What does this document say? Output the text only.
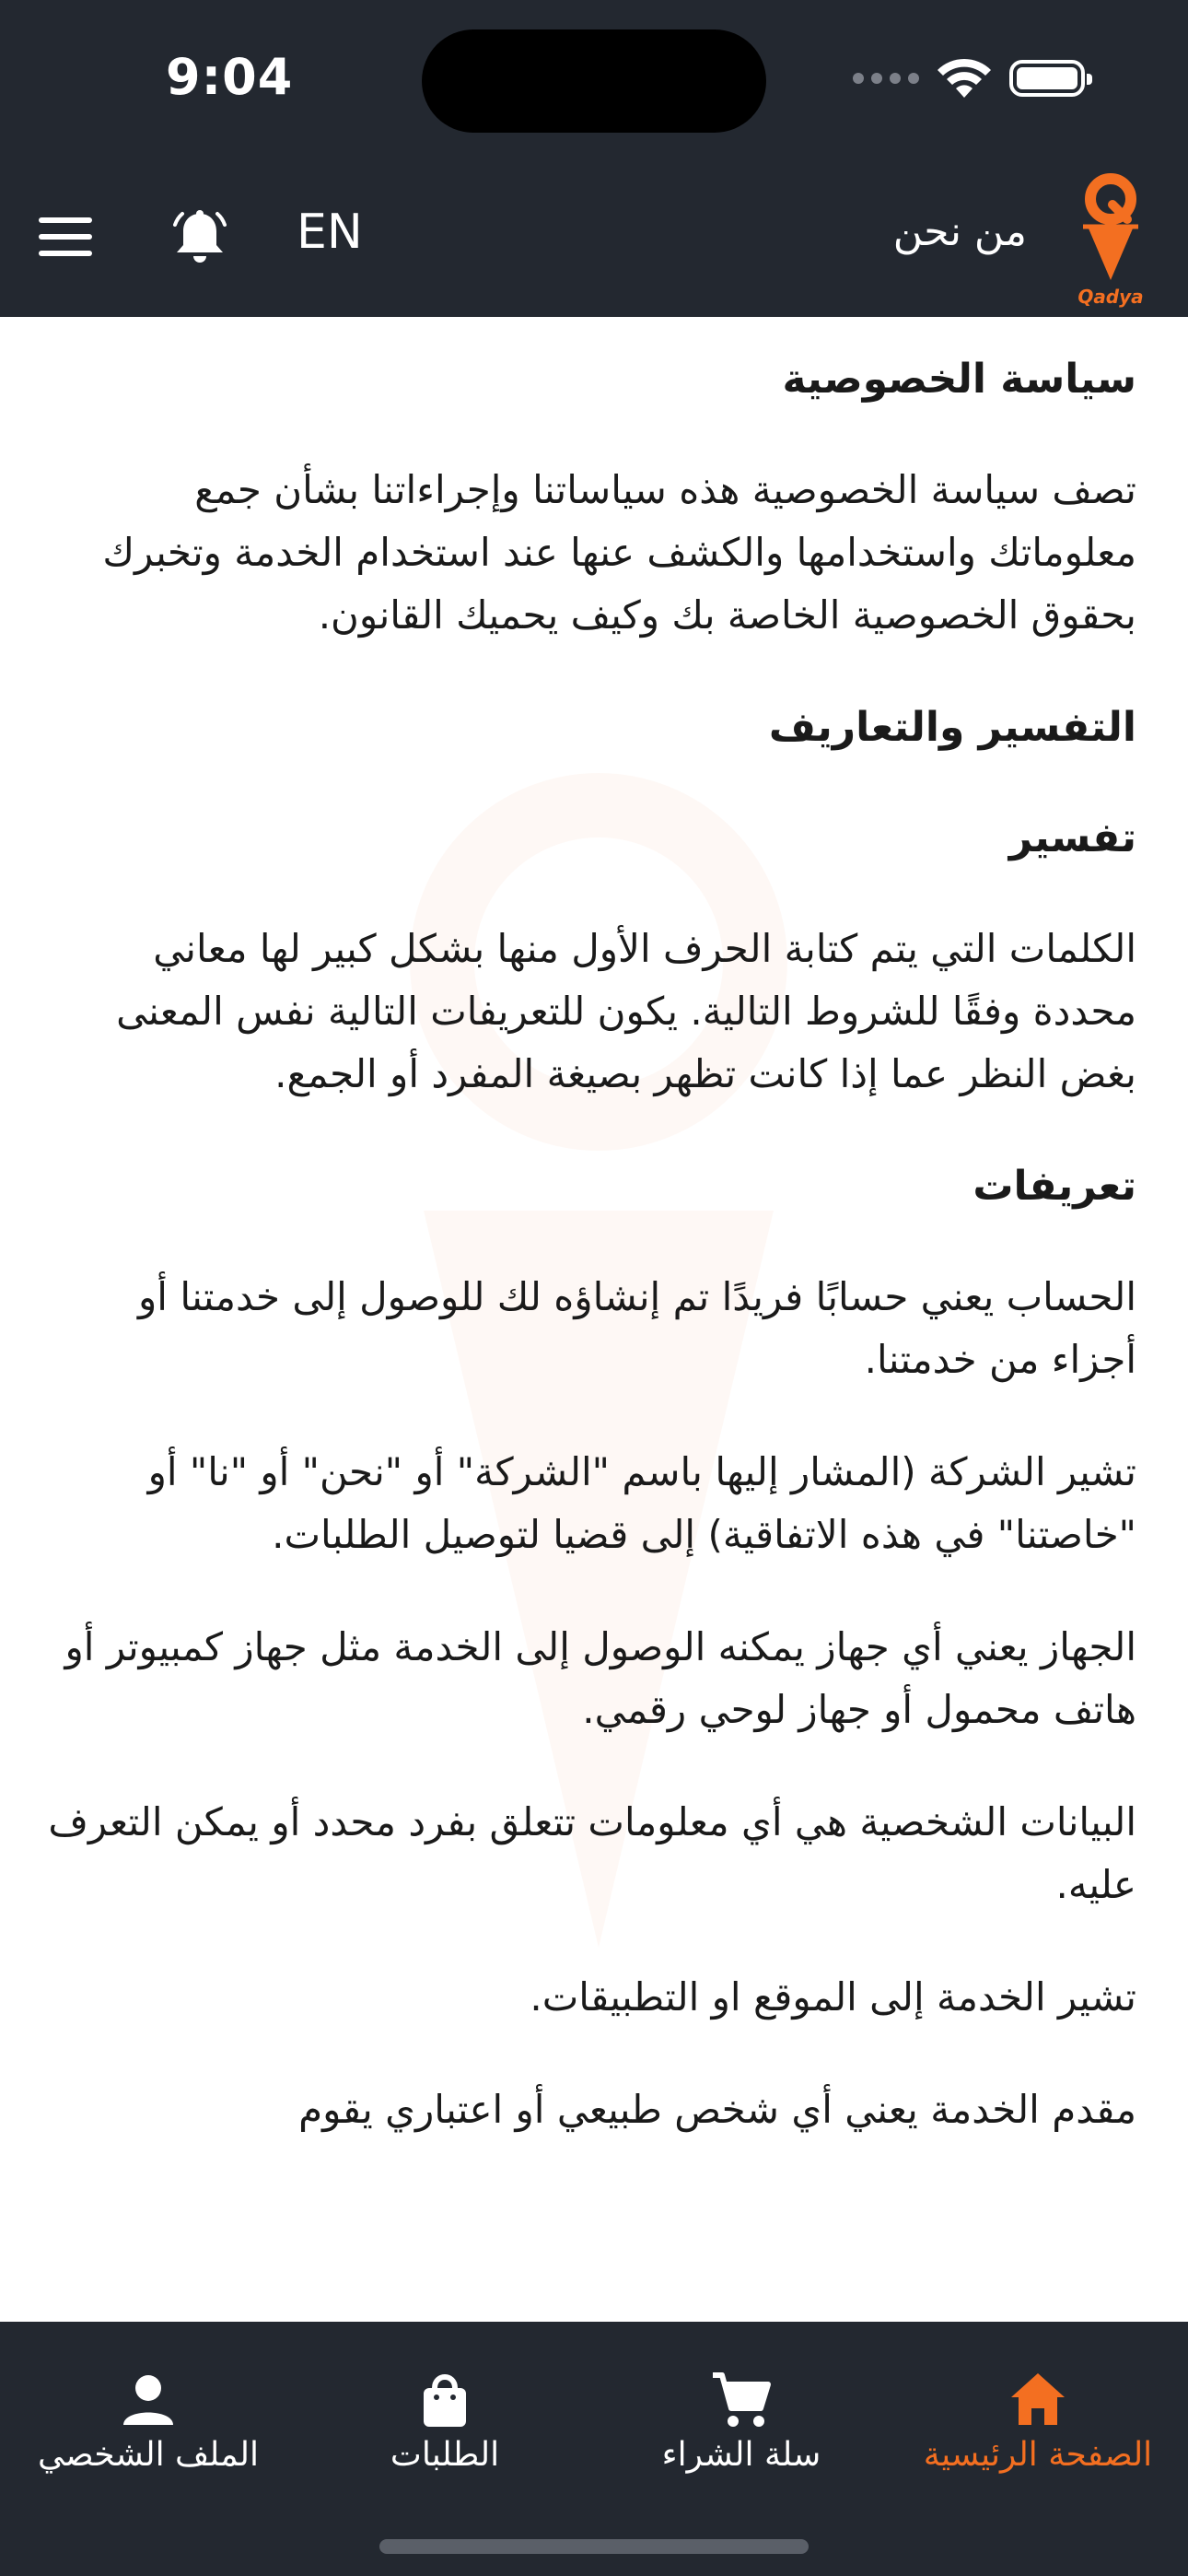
9:04
EN	من نحن
Qadya
سياسة الخصوصية

تصف سياسة الخصوصية هذه سياساتنا وإجراءاتنا بشأن جمع معلوماتك واستخدامها والكشف عنها عند استخدام الخدمة وتخبرك بحقوق الخصوصية الخاصة بك وكيف يحميك القانون.

التفسير والتعاريف
تفسير

الكلمات التي يتم كتابة الحرف الأول منها بشكل كبير لها معاني محددة وفقًا للشروط التالية. يكون للتعريفات التالية نفس المعنى بغض النظر عما إذا كانت تظهر بصيغة المفرد أو الجمع.

تعريفات

الحساب يعني حسابًا فريدًا تم إنشاؤه لك للوصول إلى خدمتنا أو أجزاء من خدمتنا.

تشير الشركة (المشار إليها باسم "الشركة" أو "نحن" أو "نا" أو "خاصتنا" في هذه الاتفاقية) إلى قضيا لتوصيل الطلبات.

الجهاز يعني أي جهاز يمكنه الوصول إلى الخدمة مثل جهاز كمبيوتر أو هاتف محمول أو جهاز لوحي رقمي.

البيانات الشخصية هي أي معلومات تتعلق بفرد محدد أو يمكن التعرف عليه.

تشير الخدمة إلى الموقع او التطبيقات.

مقدم الخدمة يعني أي شخص طبيعي أو اعتباري يقوم

الملف الشخصي	الطلبات	سلة الشراء	الصفحة الرئيسية
